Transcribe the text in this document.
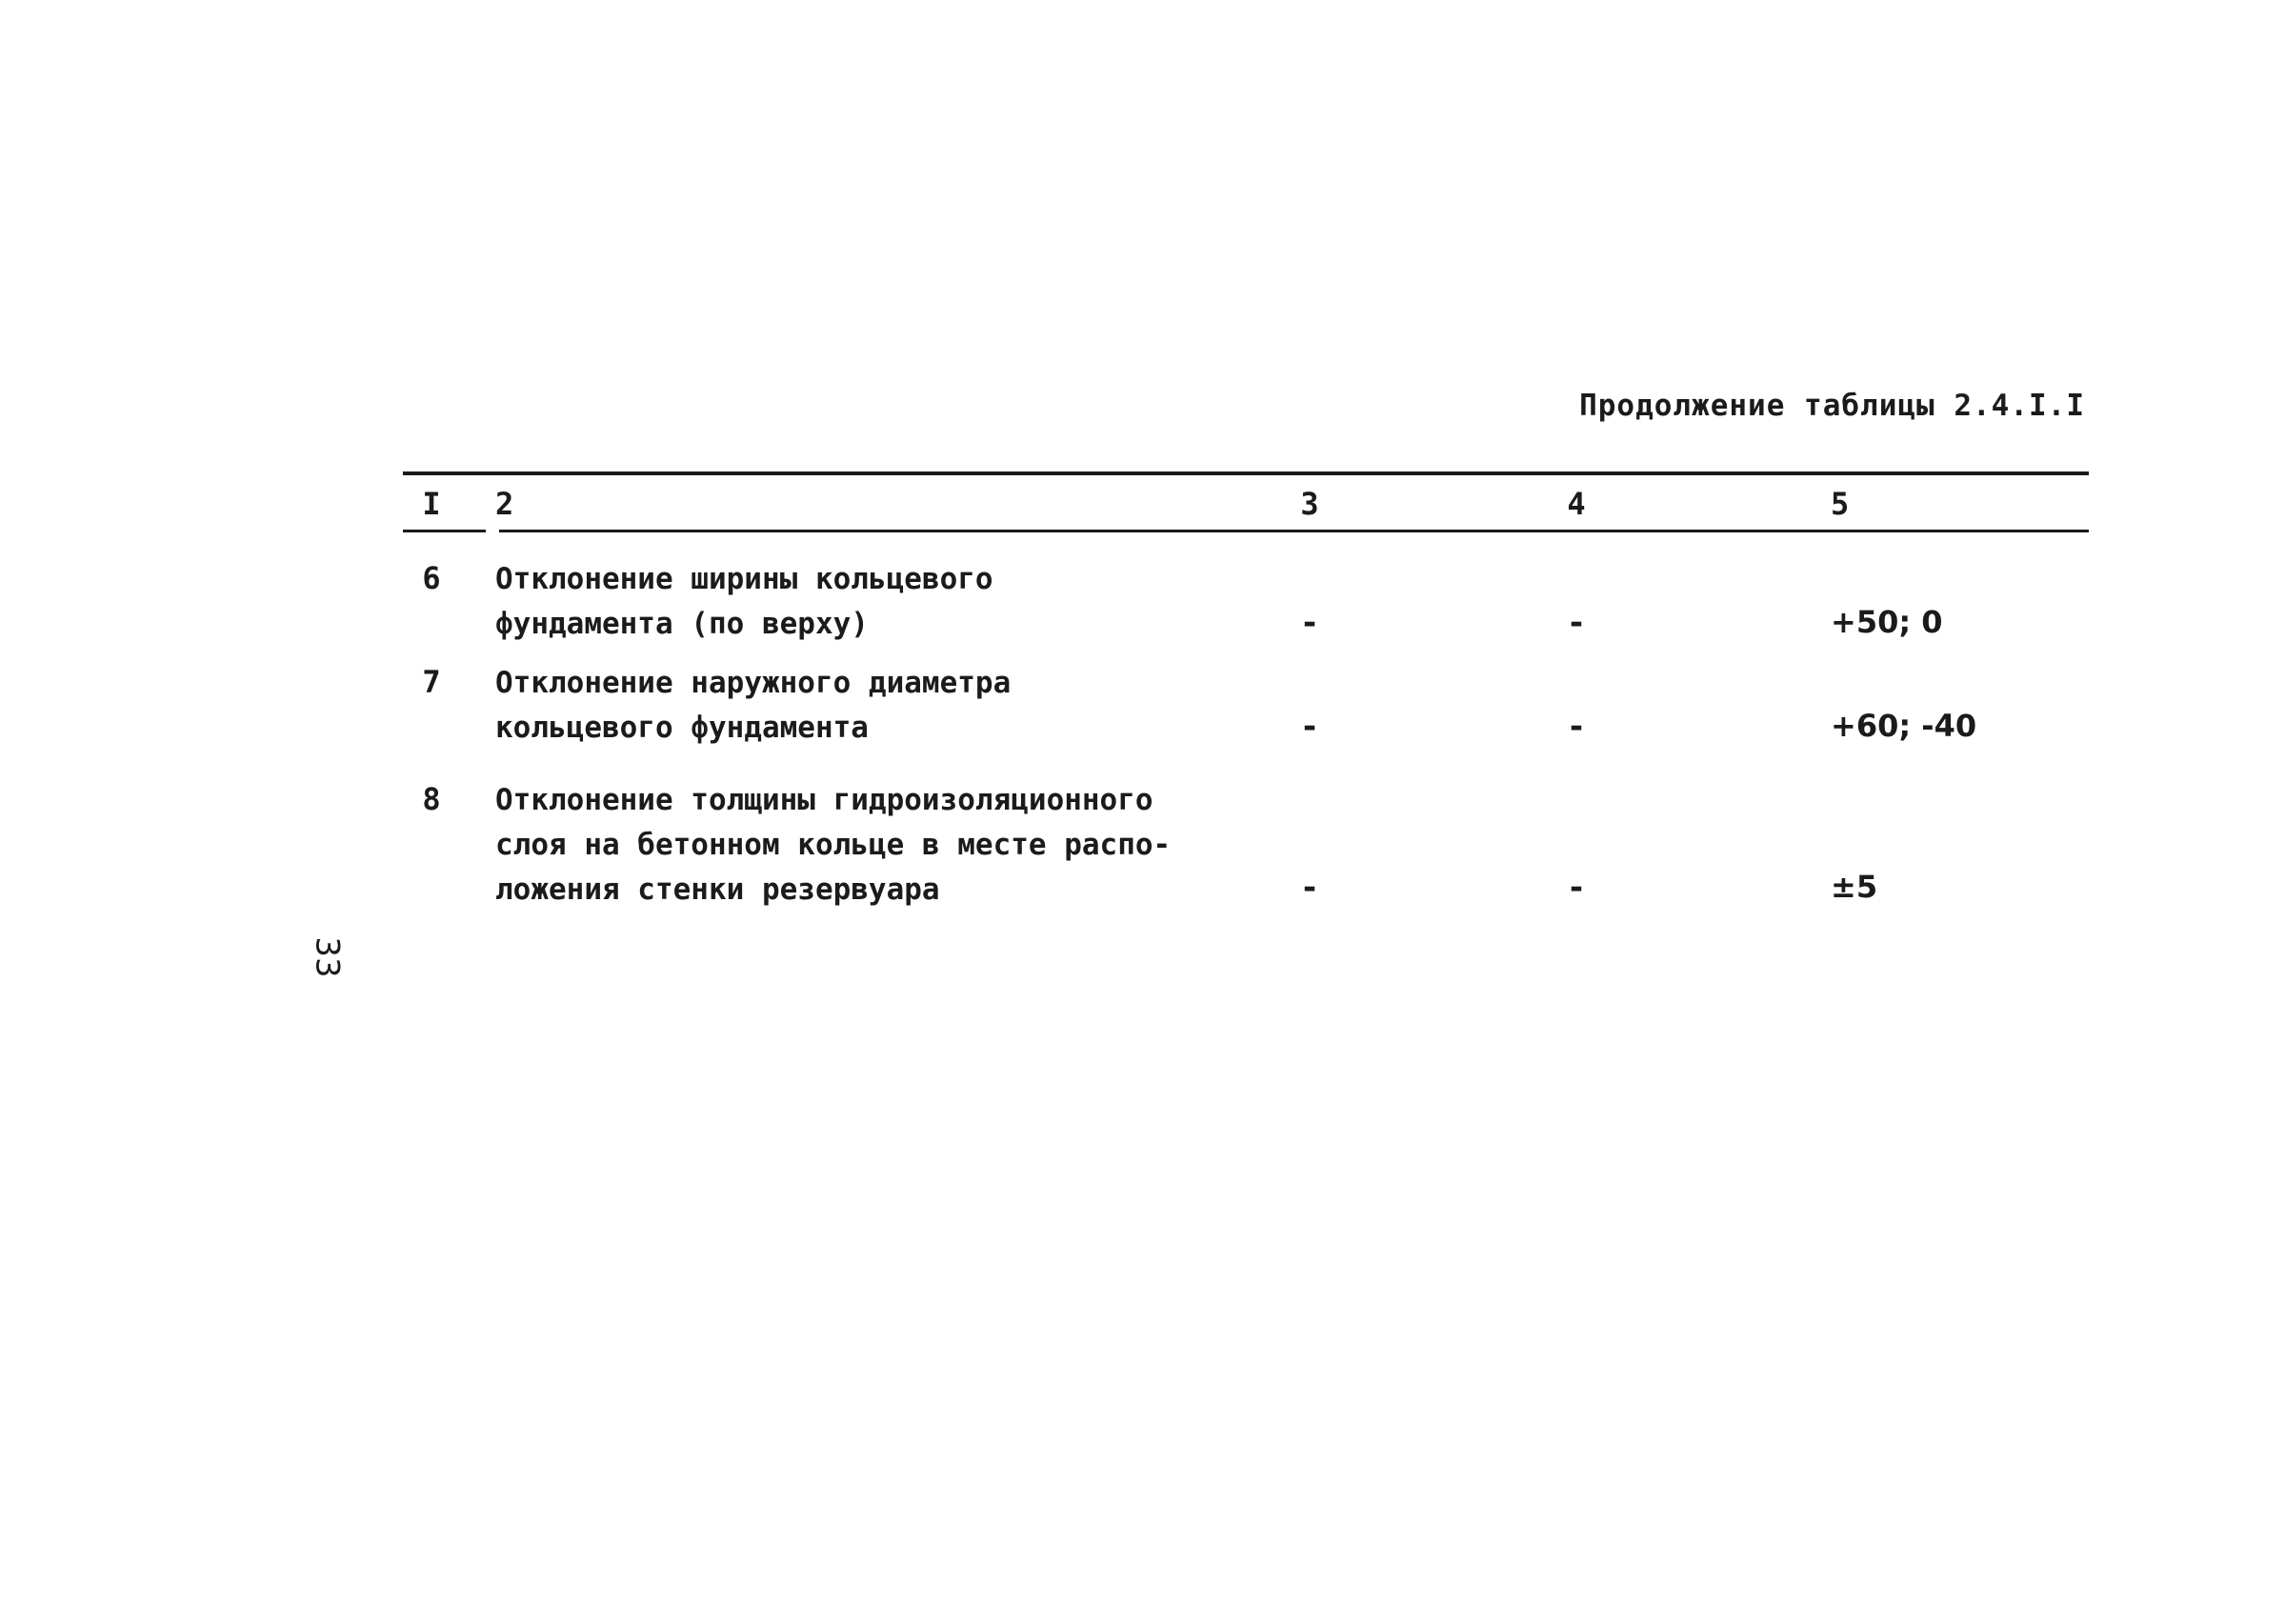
Продолжение таблицы 2.4.I.I
I 2	3	4	5
6 Отклонение ширины кольцевого
фундамента (по верху)	-	-	+50; 0
7 Отклонение наружного диаметра
кольцевого фундамента	-	-	+60; -40
8 Отклонение толщины гидроизоляционного
слоя на бетонном кольце в месте распо-
ложения стенки резервуара	-	-	±5
33
